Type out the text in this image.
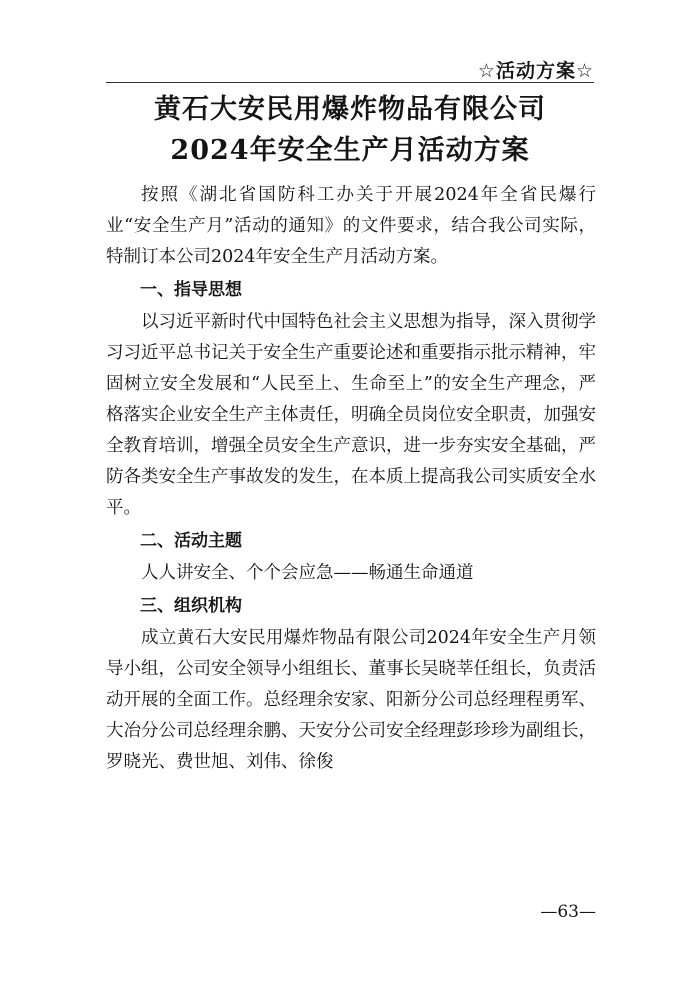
☆活动方案☆
黄石大安民用爆炸物品有限公司
2024年安全生产月活动方案

按照《湖北省国防科工办关于开展2024年全省民爆行业“安全生产月”活动的通知》的文件要求，结合我公司实际，特制订本公司2024年安全生产月活动方案。

一、指导思想

以习近平新时代中国特色社会主义思想为指导，深入贯彻学习习近平总书记关于安全生产重要论述和重要指示批示精神，牢固树立安全发展和“人民至上、生命至上”的安全生产理念，严格落实企业安全生产主体责任，明确全员岗位安全职责，加强安全教育培训，增强全员安全生产意识，进一步夯实安全基础，严防各类安全生产事故发的发生，在本质上提高我公司实质安全水平。

二、活动主题

人人讲安全、个个会应急——畅通生命通道

三、组织机构

成立黄石大安民用爆炸物品有限公司2024年安全生产月领导小组，公司安全领导小组组长、董事长吴晓莘任组长，负责活动开展的全面工作。总经理余安家、阳新分公司总经理程勇军、大冶分公司总经理余鹏、天安分公司安全经理彭珍珍为副组长，罗晓光、费世旭、刘伟、徐俊

—63—
